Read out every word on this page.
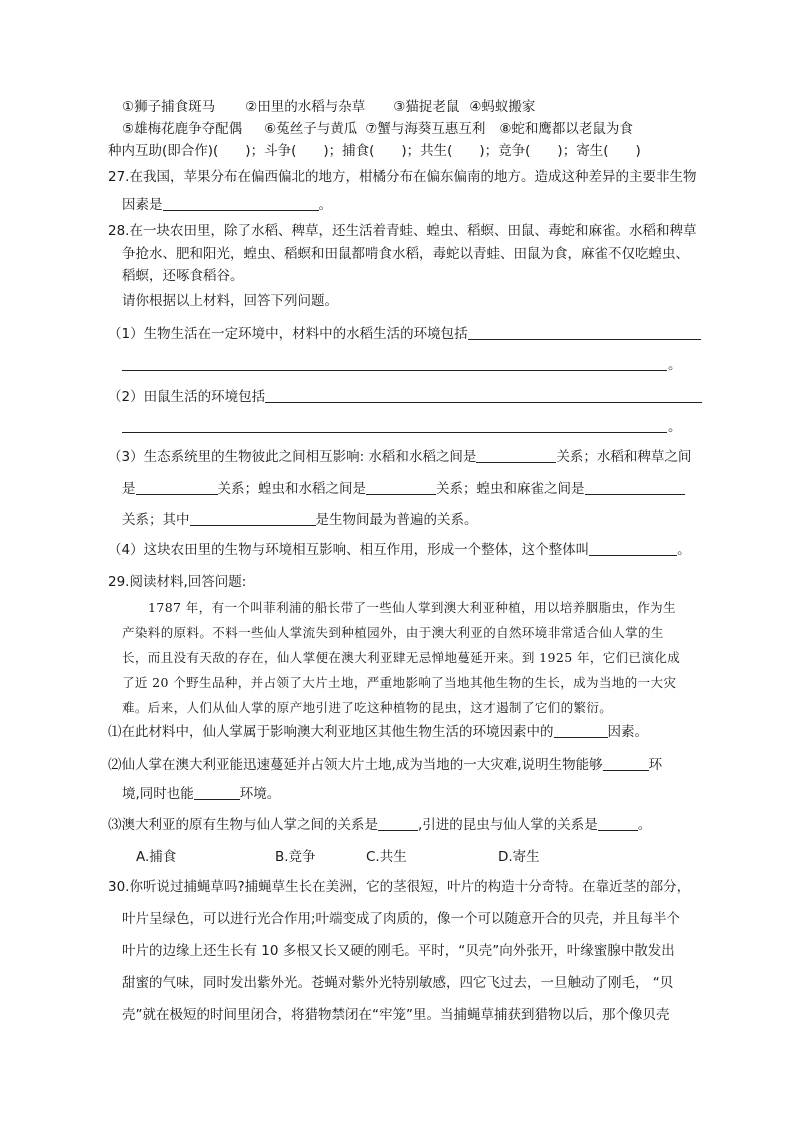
①狮子捕食斑马 ②田里的水稻与杂草 ③猫捉老鼠 ④蚂蚁搬家
⑤雄梅花鹿争夺配偶 ⑥菟丝子与黄瓜 ⑦蟹与海葵互惠互利 ⑧蛇和鹰都以老鼠为食
种内互助(即合作)(　　)；斗争(　　)；捕食(　　)；共生(　　)；竞争(　　)；寄生(　　)
27.在我国，苹果分布在偏西偏北的地方，柑橘分布在偏东偏南的地方。造成这种差异的主要非生物
因素是	。
28.在一块农田里，除了水稻、稗草，还生活着青蛙、蝗虫、稻螟、田鼠、毒蛇和麻雀。水稻和稗草
争抢水、肥和阳光，蝗虫、稻螟和田鼠都啃食水稻，毒蛇以青蛙、田鼠为食，麻雀不仅吃蝗虫、
稻螟，还啄食稻谷。
请你根据以上材料，回答下列问题。
（1）生物生活在一定环境中，材料中的水稻生活的环境包括
。
（2）田鼠生活的环境包括
。
（3）生态系统里的生物彼此之间相互影响: 水稻和水稻之间是	关系；水稻和稗草之间
是	关系；蝗虫和水稻之间是	关系；蝗虫和麻雀之间是
关系；其中	是生物间最为普遍的关系。
（4）这块农田里的生物与环境相互影响、相互作用，形成一个整体，这个整体叫	。
29.阅读材料,回答问题:
1787 年，有一个叫菲利浦的船长带了一些仙人掌到澳大利亚种植，用以培养胭脂虫，作为生
产染料的原料。不料一些仙人掌流失到种植园外，由于澳大利亚的自然环境非常适合仙人掌的生
长，而且没有天敌的存在，仙人掌便在澳大利亚肆无忌惮地蔓延开来。到 1925 年，它们已演化成
了近 20 个野生品种，并占领了大片土地，严重地影响了当地其他生物的生长，成为当地的一大灾
难。后来，人们从仙人掌的原产地引进了吃这种植物的昆虫，这才遏制了它们的繁衍。
⑴在此材料中，仙人掌属于影响澳大利亚地区其他生物生活的环境因素中的	因素。
⑵仙人掌在澳大利亚能迅速蔓延并占领大片土地,成为当地的一大灾难,说明生物能够	环
境,同时也能	环境。
⑶澳大利亚的原有生物与仙人掌之间的关系是	,引进的昆虫与仙人掌的关系是	。
A.捕食	B.竞争	C.共生	D.寄生
30.你听说过捕蝇草吗?捕蝇草生长在美洲，它的茎很短，叶片的构造十分奇特。在靠近茎的部分，
叶片呈绿色，可以进行光合作用;叶端变成了肉质的，像一个可以随意开合的贝壳，并且每半个
叶片的边缘上还生长有 10 多根又长又硬的刚毛。平时，“贝壳”向外张开，叶缘蜜腺中散发出
甜蜜的气味，同时发出紫外光。苍蝇对紫外光特别敏感，四它飞过去，一旦触动了刚毛， “贝
壳”就在极短的时间里闭合，将猎物禁闭在“牢笼”里。当捕蝇草捕获到猎物以后，那个像贝壳
